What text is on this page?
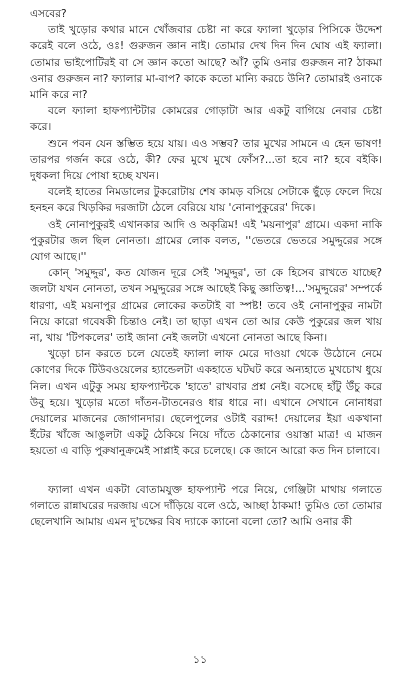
এসবের?

তাই খুড়োর কথার মানে খোঁজবার চেষ্টা না করে ফ্যালা খুড়োর পিসিকে উদ্দেশ করেই বলে ওঠে, ওঃ! গুরুজন জ্ঞান নাই। তোমার দেখ দিন দিন ঘোষ এই ফ্যালা। তোমার ভাইপোটিরই বা সে জ্ঞান কতো আছে? আঁ? তুমি ওনার গুরুজন না? ঠাকমা ওনার গুরুজন না? ফ্যালার মা-বাপ? কাকে কতো মান্যি করচে উনি? তোমারই ওনাকে মানি করে না?

বলে ফ্যালা হাফপ্যান্টটার কোমরের গোড়াটা আর একটু বাগিয়ে নেবার চেষ্টা করে।

শুনে পবন যেন স্তম্ভিত হয়ে যায়। এও সম্ভব? তার মুখের সামনে এ হেন ভাষণ! তারপর গর্জন করে ওঠে, কী? ফের মুখে মুখে ফোঁস?...তা হবে না? হবে বইকি। দুধকলা দিয়ে পোষা হচ্ছে যখন।

বলেই হাতের নিমডালের টুকরোটায় শেষ কামড় বসিয়ে সেটাকে ছুঁড়ে ফেলে দিয়ে হনহন করে খিড়কির দরজাটা ঠেলে বেরিয়ে যায় 'নোনাপুকুরের' দিকে।

ওই নোনাপুকুরই এখানকার আদি ও অকৃত্রিম! এই 'ময়নাপুর' গ্রামে। একদা নাকি পুকুরটার জল ছিল নোনতা। গ্রামের লোক বলত, ''ভেতরে ভেতরে সমুদ্দুরের সঙ্গে যোগ আছে।''

কোন্ 'সমুদ্দুর', কত যোজন দূরে সেই 'সমুদ্দুর', তা কে হিসেব রাখতে যাচ্ছে? জলটা যখন নোনতা, তখন সমুদ্দুরের সঙ্গে আছেই কিছু জ্ঞাতিত্ব!...'সমুদ্দুরের' সম্পর্কে ধারণা, এই ময়নাপুর গ্রামের লোকের কতটাই বা স্পষ্ট! তবে ওই নোনাপুকুর নামটা নিয়ে কারো গবেষকী চিন্তাও নেই। তা ছাড়া এখন তো আর কেউ পুকুরের জল খায় না, খায় 'টিপকলের' তাই জানা নেই জলটা এখনো নোনতা আছে কিনা।

খুড়ো চান করতে চলে যেতেই ফ্যালা লাফ মেরে দাওয়া থেকে উঠোনে নেমে কোণের দিকে টিউবওয়েলের হ্যান্ডেলটা একহাতে ঘটঘট করে অন্যহাতে মুখচোখ ধুয়ে নিল। এখন এটুকু সময় হাফপ্যান্টকে 'হাতে' রাখবার প্রশ্ন নেই। বসেছে হাঁটু উঁচু করে উবু হয়ে। খুড়োর মতো দাঁতন-টাতনেরও ধার ধারে না। এখানে সেখানে নোনাধরা দেয়ালের মাজনের জোগানদার। ছেলেপুলের ওটাই বরাদ্দ! দেয়ালের ইয়া একখানা ইঁটের খাঁজে আঙুলটা একটু ঠেকিয়ে নিয়ে দাঁতে ঠেকানোর ওয়াস্তা মাত্র! এ মাজন হয়তো এ বাড়ি পুরুষানুক্রমেই সাপ্লাই করে চলেছে। কে জানে আরো কত দিন চালাবে।

ফ্যালা এখন একটা বোতামযুক্ত হাফপ্যান্ট পরে নিয়ে, গেঞ্জিটা মাথায় গলাতে গলাতে রান্নাঘরের দরজায় এসে দাঁড়িয়ে বলে ওঠে, আচ্ছা ঠাকমা! তুমিও তো তোমার ছেলেখানি আমায় এমন দু'চক্ষের বিষ দ্যাকে ক্যানো বলো তো? আমি ওনার কী

১১
